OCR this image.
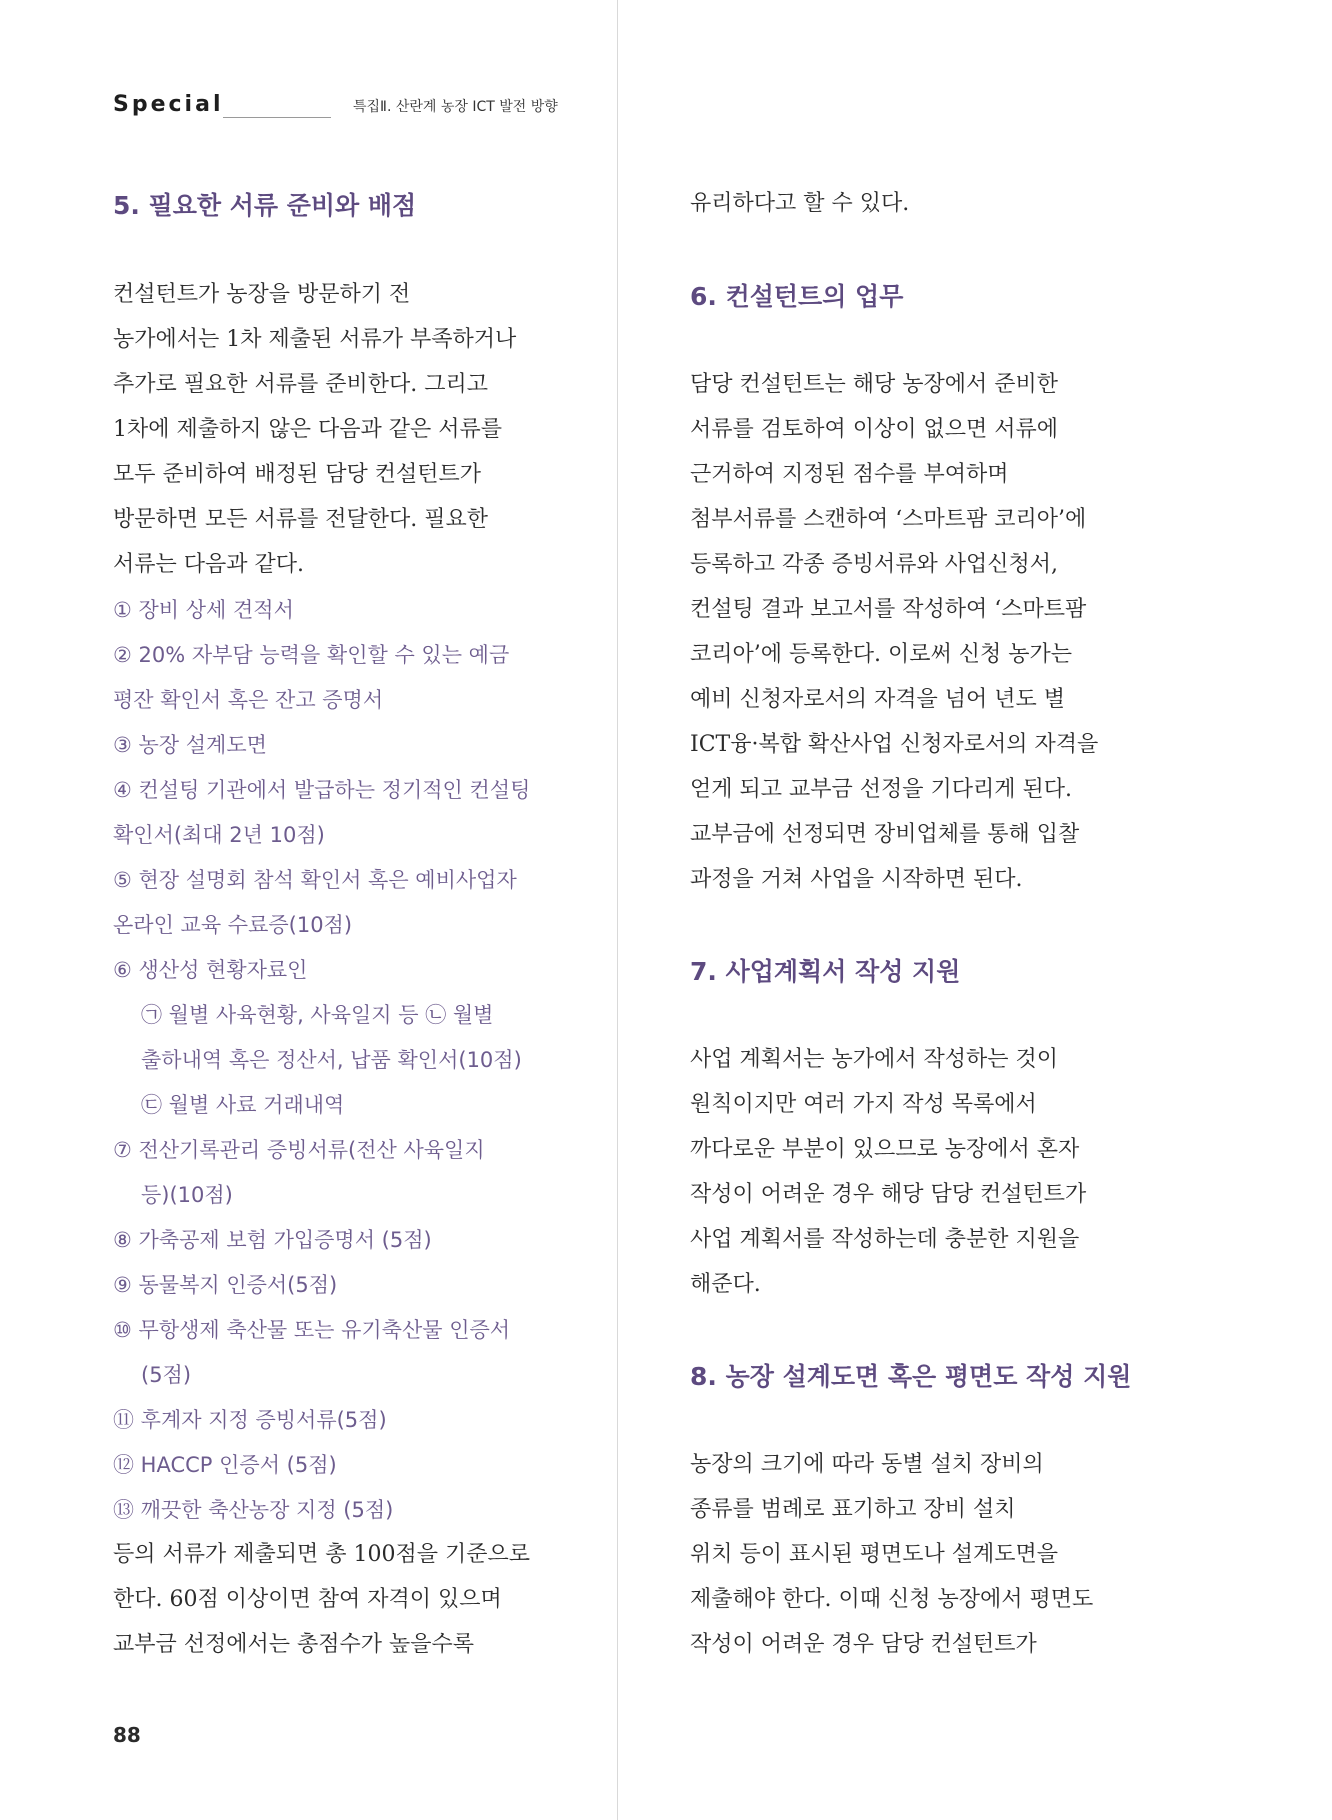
Special	특집Ⅱ. 산란계 농장 ICT 발전 방향
5. 필요한 서류 준비와 배점
컨설턴트가 농장을 방문하기 전
농가에서는 1차 제출된 서류가 부족하거나
추가로 필요한 서류를 준비한다. 그리고
1차에 제출하지 않은 다음과 같은 서류를
모두 준비하여 배정된 담당 컨설턴트가
방문하면 모든 서류를 전달한다. 필요한
서류는 다음과 같다.
① 장비 상세 견적서
② 20% 자부담 능력을 확인할 수 있는 예금
평잔 확인서 혹은 잔고 증명서
③ 농장 설계도면
④ 컨설팅 기관에서 발급하는 정기적인 컨설팅
확인서(최대 2년 10점)
⑤ 현장 설명회 참석 확인서 혹은 예비사업자
온라인 교육 수료증(10점)
⑥ 생산성 현황자료인
㉠ 월별 사육현황, 사육일지 등 ㉡ 월별
출하내역 혹은 정산서, 납품 확인서(10점)
㉢ 월별 사료 거래내역
⑦ 전산기록관리 증빙서류(전산 사육일지
등)(10점)
⑧ 가축공제 보험 가입증명서 (5점)
⑨ 동물복지 인증서(5점)
⑩ 무항생제 축산물 또는 유기축산물 인증서
(5점)
⑪ 후계자 지정 증빙서류(5점)
⑫ HACCP 인증서 (5점)
⑬ 깨끗한 축산농장 지정 (5점)
등의 서류가 제출되면 총 100점을 기준으로
한다. 60점 이상이면 참여 자격이 있으며
교부금 선정에서는 총점수가 높을수록
유리하다고 할 수 있다.
6. 컨설턴트의 업무
담당 컨설턴트는 해당 농장에서 준비한
서류를 검토하여 이상이 없으면 서류에
근거하여 지정된 점수를 부여하며
첨부서류를 스캔하여 ‘스마트팜 코리아’에
등록하고 각종 증빙서류와 사업신청서,
컨설팅 결과 보고서를 작성하여 ‘스마트팜
코리아’에 등록한다. 이로써 신청 농가는
예비 신청자로서의 자격을 넘어 년도 별
ICT융·복합 확산사업 신청자로서의 자격을
얻게 되고 교부금 선정을 기다리게 된다.
교부금에 선정되면 장비업체를 통해 입찰
과정을 거쳐 사업을 시작하면 된다.
7. 사업계획서 작성 지원
사업 계획서는 농가에서 작성하는 것이
원칙이지만 여러 가지 작성 목록에서
까다로운 부분이 있으므로 농장에서 혼자
작성이 어려운 경우 해당 담당 컨설턴트가
사업 계획서를 작성하는데 충분한 지원을
해준다.
8. 농장 설계도면 혹은 평면도 작성 지원
농장의 크기에 따라 동별 설치 장비의
종류를 범례로 표기하고 장비 설치
위치 등이 표시된 평면도나 설계도면을
제출해야 한다. 이때 신청 농장에서 평면도
작성이 어려운 경우 담당 컨설턴트가
88
